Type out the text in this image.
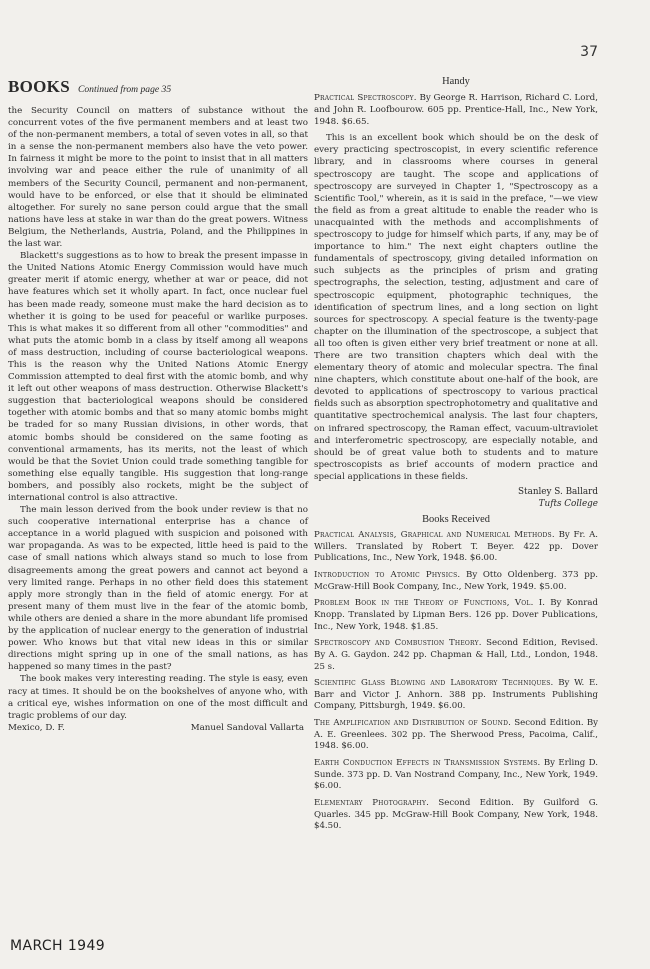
37
BOOKS Continued from page 35

the Security Council on matters of substance without the concurrent votes of the five permanent members and at least two of the non-permanent members, a total of seven votes in all, so that in a sense the non-permanent members also have the veto power. In fairness it might be more to the point to insist that in all matters involving war and peace either the rule of unanimity of all members of the Security Council, permanent and non-permanent, would have to be enforced, or else that it should be eliminated altogether. For surely no sane person could argue that the small nations have less at stake in war than do the great powers. Witness Belgium, the Netherlands, Austria, Poland, and the Philippines in the last war.

Blackett's suggestions as to how to break the present impasse in the United Nations Atomic Energy Commission would have much greater merit if atomic energy, whether at war or peace, did not have features which set it wholly apart. In fact, once nuclear fuel has been made ready, someone must make the hard decision as to whether it is going to be used for peaceful or warlike purposes. This is what makes it so different from all other "commodities" and what puts the atomic bomb in a class by itself among all weapons of mass destruction, including of course bacteriological weapons. This is the reason why the United Nations Atomic Energy Commission attempted to deal first with the atomic bomb, and why it left out other weapons of mass destruction. Otherwise Blackett's suggestion that bacteriological weapons should be considered together with atomic bombs and that so many atomic bombs might be traded for so many Russian divisions, in other words, that atomic bombs should be considered on the same footing as conventional armaments, has its merits, not the least of which would be that the Soviet Union could trade something tangible for something else equally tangible. His suggestion that long-range bombers, and possibly also rockets, might be the subject of international control is also attractive.

The main lesson derived from the book under review is that no such cooperative international enterprise has a chance of acceptance in a world plagued with suspicion and poisoned with war propaganda. As was to be expected, little heed is paid to the case of small nations which always stand so much to lose from disagreements among the great powers and cannot act beyond a very limited range. Perhaps in no other field does this statement apply more strongly than in the field of atomic energy. For at present many of them must live in the fear of the atomic bomb, while others are denied a share in the more abundant life promised by the application of nuclear energy to the generation of industrial power. Who knows but that vital new ideas in this or similar directions might spring up in one of the small nations, as has happened so many times in the past?

The book makes very interesting reading. The style is easy, even racy at times. It should be on the bookshelves of anyone who, with a critical eye, wishes information on one of the most difficult and tragic problems of our day.

Mexico, D. F.	Manuel Sandoval Vallarta
Handy

Practical Spectroscopy. By George R. Harrison, Richard C. Lord, and John R. Loofbourow. 605 pp. Prentice-Hall, Inc., New York, 1948. $6.65.

This is an excellent book which should be on the desk of every practicing spectroscopist, in every scientific reference library, and in classrooms where courses in general spectroscopy are taught. The scope and applications of spectroscopy are surveyed in Chapter 1, "Spectroscopy as a Scientific Tool," wherein, as it is said in the preface, "—we view the field as from a great altitude to enable the reader who is unacquainted with the methods and accomplishments of spectroscopy to judge for himself which parts, if any, may be of importance to him." The next eight chapters outline the fundamentals of spectroscopy, giving detailed information on such subjects as the principles of prism and grating spectrographs, the selection, testing, adjustment and care of spectroscopic equipment, photographic techniques, the identification of spectrum lines, and a long section on light sources for spectroscopy. A special feature is the twenty-page chapter on the illumination of the spectroscope, a subject that all too often is given either very brief treatment or none at all. There are two transition chapters which deal with the elementary theory of atomic and molecular spectra. The final nine chapters, which constitute about one-half of the book, are devoted to applications of spectroscopy to various practical fields such as absorption spectrophotometry and qualitative and quantitative spectrochemical analysis. The last four chapters, on infrared spectroscopy, the Raman effect, vacuum-ultraviolet and interferometric spectroscopy, are especially notable, and should be of great value both to students and to mature spectroscopists as brief accounts of modern practice and special applications in these fields.

Stanley S. Ballard
Tufts College
Books Received

Practical Analysis, Graphical and Numerical Methods. By Fr. A. Willers. Translated by Robert T. Beyer. 422 pp. Dover Publications, Inc., New York, 1948. $6.00.

Introduction to Atomic Physics. By Otto Oldenberg. 373 pp. McGraw-Hill Book Company, Inc., New York, 1949. $5.00.

Problem Book in the Theory of Functions, Vol. I. By Konrad Knopp. Translated by Lipman Bers. 126 pp. Dover Publications, Inc., New York, 1948. $1.85.

Spectroscopy and Combustion Theory. Second Edition, Revised. By A. G. Gaydon. 242 pp. Chapman & Hall, Ltd., London, 1948. 25 s.

Scientific Glass Blowing and Laboratory Techniques. By W. E. Barr and Victor J. Anhorn. 388 pp. Instruments Publishing Company, Pittsburgh, 1949. $6.00.

The Amplification and Distribution of Sound. Second Edition. By A. E. Greenlees. 302 pp. The Sherwood Press, Pacoima, Calif., 1948. $6.00.

Earth Conduction Effects in Transmission Systems. By Erling D. Sunde. 373 pp. D. Van Nostrand Company, Inc., New York, 1949. $6.00.

Elementary Photography. Second Edition. By Guilford G. Quarles. 345 pp. McGraw-Hill Book Company, New York, 1948. $4.50.

MARCH 1949
